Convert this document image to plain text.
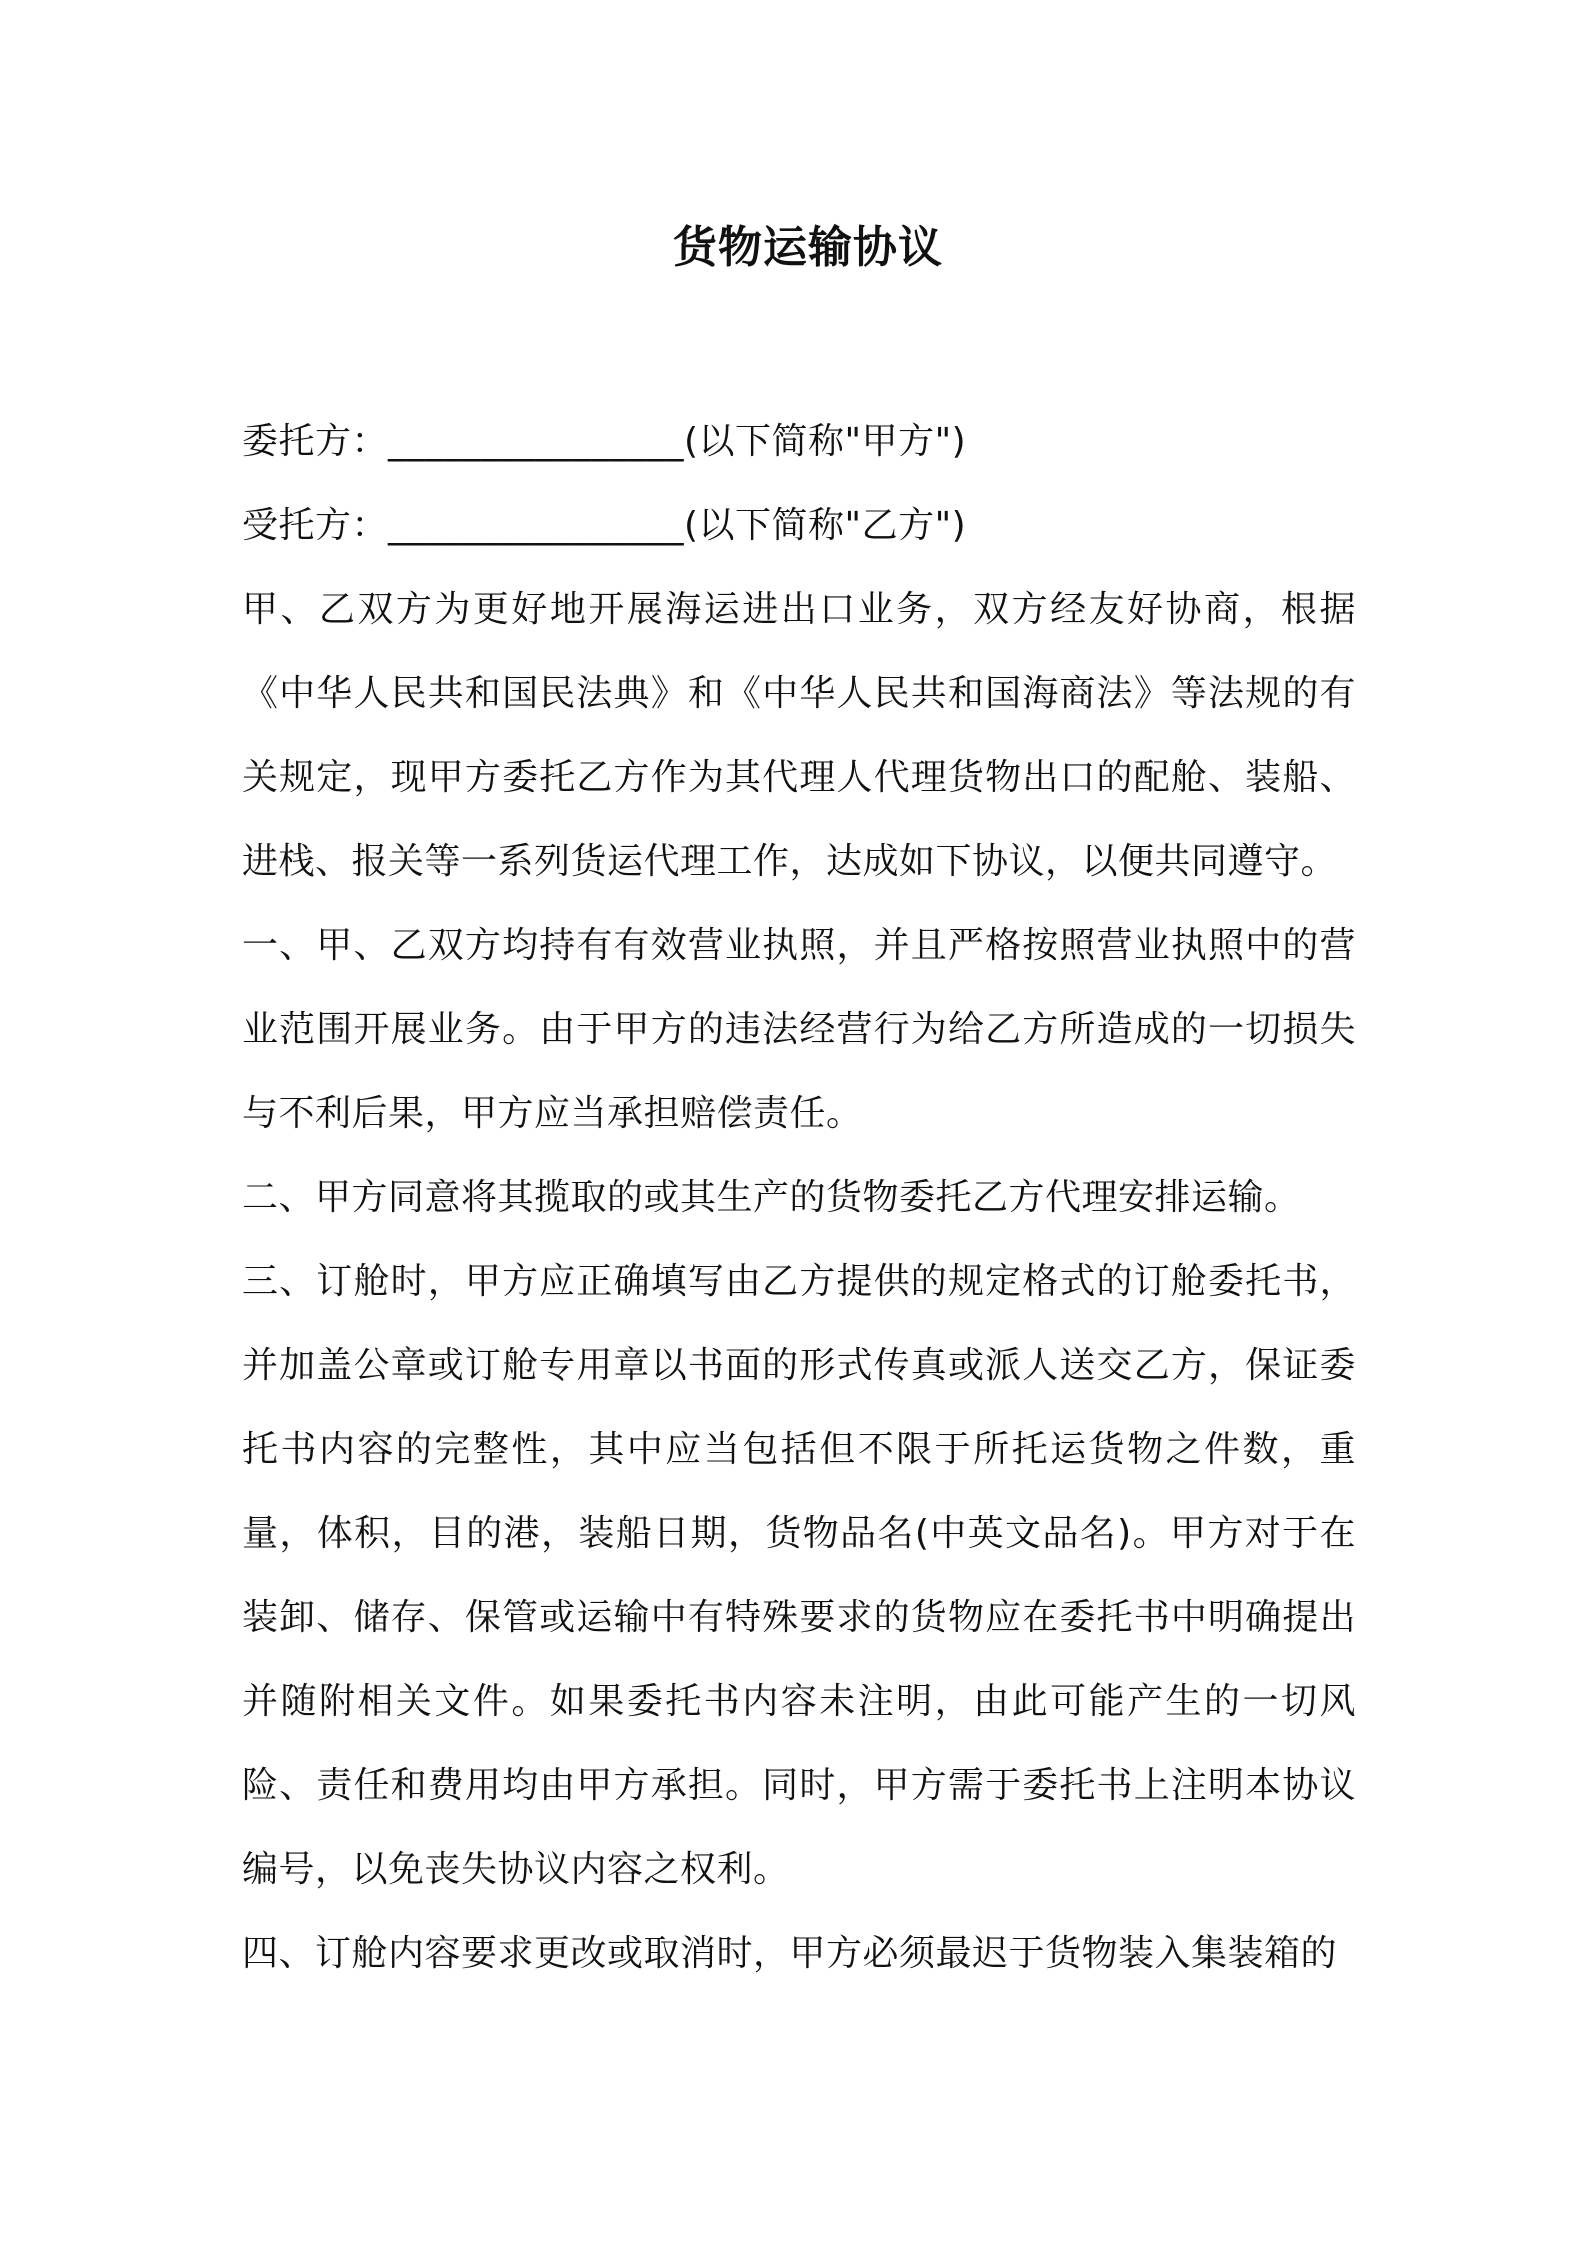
货物运输协议

委托方：________________(以下简称"甲方")

受托方：________________(以下简称"乙方")

甲、乙双方为更好地开展海运进出口业务，双方经友好协商，根据《中华人民共和国民法典》和《中华人民共和国海商法》等法规的有关规定，现甲方委托乙方作为其代理人代理货物出口的配舱、装船、进栈、报关等一系列货运代理工作，达成如下协议，以便共同遵守。

一、甲、乙双方均持有有效营业执照，并且严格按照营业执照中的营业范围开展业务。由于甲方的违法经营行为给乙方所造成的一切损失与不利后果，甲方应当承担赔偿责任。

二、甲方同意将其揽取的或其生产的货物委托乙方代理安排运输。

三、订舱时，甲方应正确填写由乙方提供的规定格式的订舱委托书，并加盖公章或订舱专用章以书面的形式传真或派人送交乙方，保证委托书内容的完整性，其中应当包括但不限于所托运货物之件数，重量，体积，目的港，装船日期，货物品名(中英文品名)。甲方对于在装卸、储存、保管或运输中有特殊要求的货物应在委托书中明确提出并随附相关文件。如果委托书内容未注明，由此可能产生的一切风险、责任和费用均由甲方承担。同时，甲方需于委托书上注明本协议编号，以免丧失协议内容之权利。

四、订舱内容要求更改或取消时，甲方必须最迟于货物装入集装箱的
